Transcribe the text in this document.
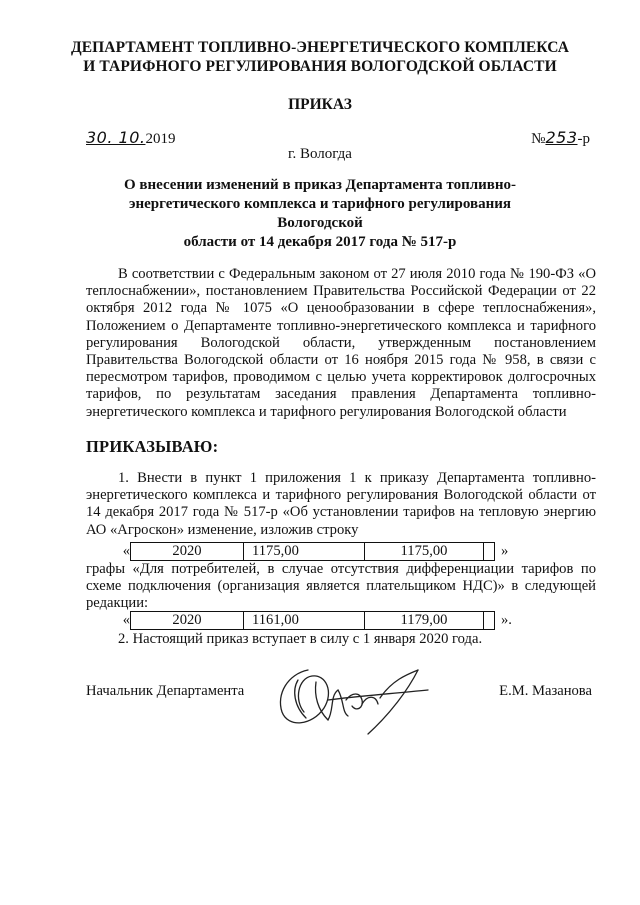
ДЕПАРТАМЕНТ ТОПЛИВНО-ЭНЕРГЕТИЧЕСКОГО КОМПЛЕКСА
И ТАРИФНОГО РЕГУЛИРОВАНИЯ ВОЛОГОДСКОЙ ОБЛАСТИ
ПРИКАЗ
30. 10.2019	№253-р
г. Вологда
О внесении изменений в приказ Департамента топливно-
энергетического комплекса и тарифного регулирования Вологодской
области от 14 декабря 2017 года № 517-р
В соответствии с Федеральным законом от 27 июля 2010 года № 190-ФЗ «О теплоснабжении», постановлением Правительства Российской Федерации от 22 октября 2012 года № 1075 «О ценообразовании в сфере теплоснабжения», Положением о Департаменте топливно-энергетического комплекса и тарифного регулирования Вологодской области, утвержденным постановлением Правительства Вологодской области от 16 ноября 2015 года № 958, в связи с пересмотром тарифов, проводимом с целью учета корректировок долгосрочных тарифов, по результатам заседания правления Департамента топливно-энергетического комплекса и тарифного регулирования Вологодской области
ПРИКАЗЫВАЮ:
1. Внести в пункт 1 приложения 1 к приказу Департамента топливно-энергетического комплекса и тарифного регулирования Вологодской области от 14 декабря 2017 года № 517-р «Об установлении тарифов на тепловую энергию АО «Агроскон» изменение, изложив строку
«	2020	1175,00	1175,00	»
графы «Для потребителей, в случае отсутствия дифференциации тарифов по схеме подключения (организация является плательщиком НДС)» в следующей редакции:
«	2020	1161,00	1179,00	».
2. Настоящий приказ вступает в силу с 1 января 2020 года.
Начальник Департамента	Е.М. Мазанова
